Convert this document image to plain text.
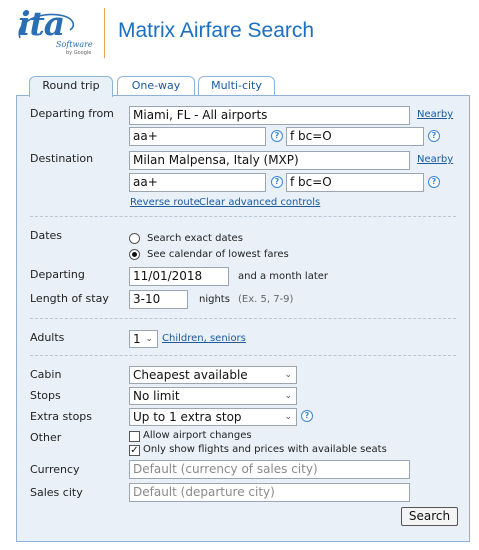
ita
Software
by Google
Matrix Airfare Search
Round trip	One-way	Multi-city
Departing from	Miami, FL - All airports	Nearby
aa+	? f bc=O	?
Destination	Milan Malpensa, Italy (MXP)	Nearby
aa+	? f bc=O	?
Reverse route Clear advanced controls
Dates	Search exact dates
See calendar of lowest fares
Departing	11/01/2018	and a month later
Length of stay	3-10	nights (Ex. 5, 7-9)
Adults	1 ⌄ Children, seniors
Cabin	Cheapest available	⌄
Stops	No limit	⌄
Extra stops	Up to 1 extra stop	⌄	?
Other	Allow airport changes
✓ Only show flights and prices with available seats
Currency	Default (currency of sales city)
Sales city	Default (departure city)
Search
